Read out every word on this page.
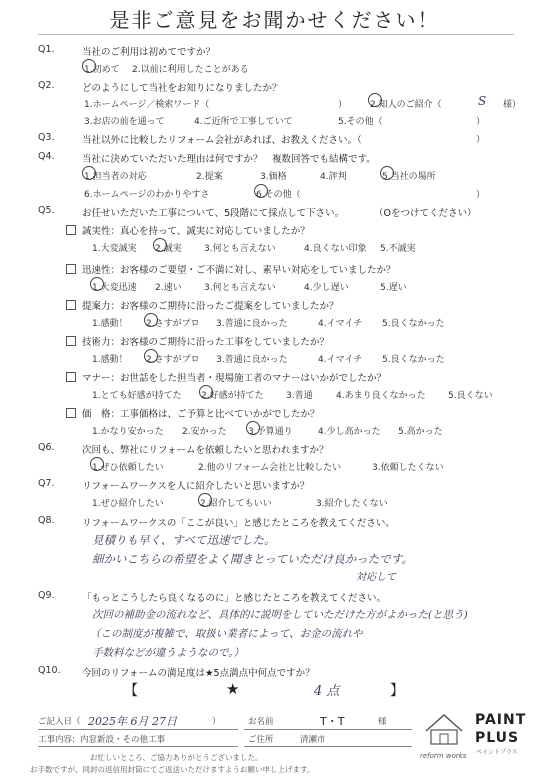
是非ご意見をお聞かせください！
Q1.	当社のご利用は初めてですか？
1.初めて 2.以前に利用したことがある
Q2.	どのようにして当社をお知りになりましたか？
1.ホームページ／検索ワード（	）	2.知人のご紹介（	S 様）
3.お店の前を通って	4.ご近所で工事していて	5.その他（	）
Q3.	当社以外に比較したリフォーム会社があれば、お教えください。（	）
Q4.	当社に決めていただいた理由は何ですか？　複数回答でも結構です。
1.担当者の対応	2.提案	3.価格	4.評判	5.当社の場所
6.ホームページのわかりやすさ	6.その他（	）
Q5.	お任せいただいた工事について、5段階にて採点して下さい。	（Oをつけてください）
誠実性：真心を持って、誠実に対応していましたか？
1.大変誠実 2.誠実 3.何とも言えない	4.良くない印象 5.不誠実
迅速性：お客様のご要望・ご不満に対し、素早い対応をしていましたか？
1.大変迅速 2.速い 3.何とも言えない	4.少し遅い	5.遅い
提案力：お客様のご期待に沿ったご提案をしていましたか？
1.感動！ 2.さすがプロ 3.普通に良かった	4.イマイチ 5.良くなかった
技術力：お客様のご期待に沿った工事をしていましたか？
1.感動！ 2.さすがプロ 3.普通に良かった	4.イマイチ 5.良くなかった
マナー：お世話をした担当者・現場施工者のマナーはいかがでしたか？
1.とても好感が持てた 2.好感が持てた 3.普通	4.あまり良くなかった 5.良くない
価　格：工事価格は、ご予算と比べていかがでしたか？
1.かなり安かった 2.安かった 3.予算通り	4.少し高かった 5.高かった
Q6.	次回も、弊社にリフォームを依頼したいと思われますか？
1.ぜひ依頼したい	2.他のリフォーム会社と比較したい	3.依頼したくない
Q7.	リフォームワークスを人に紹介したいと思いますか？
1.ぜひ紹介したい	2.紹介してもいい	3.紹介したくない
Q8.	リフォームワークスの「ここが良い」と感じたところを教えてください。
見積りも早く、すべて迅速でした。
細かいこちらの希望をよく聞きとっていただけ良かったです。
対応して
Q9.	「もっとこうしたら良くなるのに」と感じたところを教えてください。
次回の補助金の流れなど、具体的に説明をしていただけた方がよかった(と思う)
（この制度が複雑で、取扱い業者によって、お金の流れや
手数料などが違うようなので。）
Q10. 今回のリフォームの満足度は★5点満点中何点ですか？
【	★	4 点	】
ご記入日（ 2025年 6月 27日	）	お名前	T・T	様
工事内容: 内窓新設・その他工事	ご住所	清瀬市
お忙しいところ、ご協力ありがとうございました。
お手数ですが、同封の返信用封筒にてご返送いただけますようお願い申し上げます。
reform works
PAINT
PLUS
ペイントプラス
